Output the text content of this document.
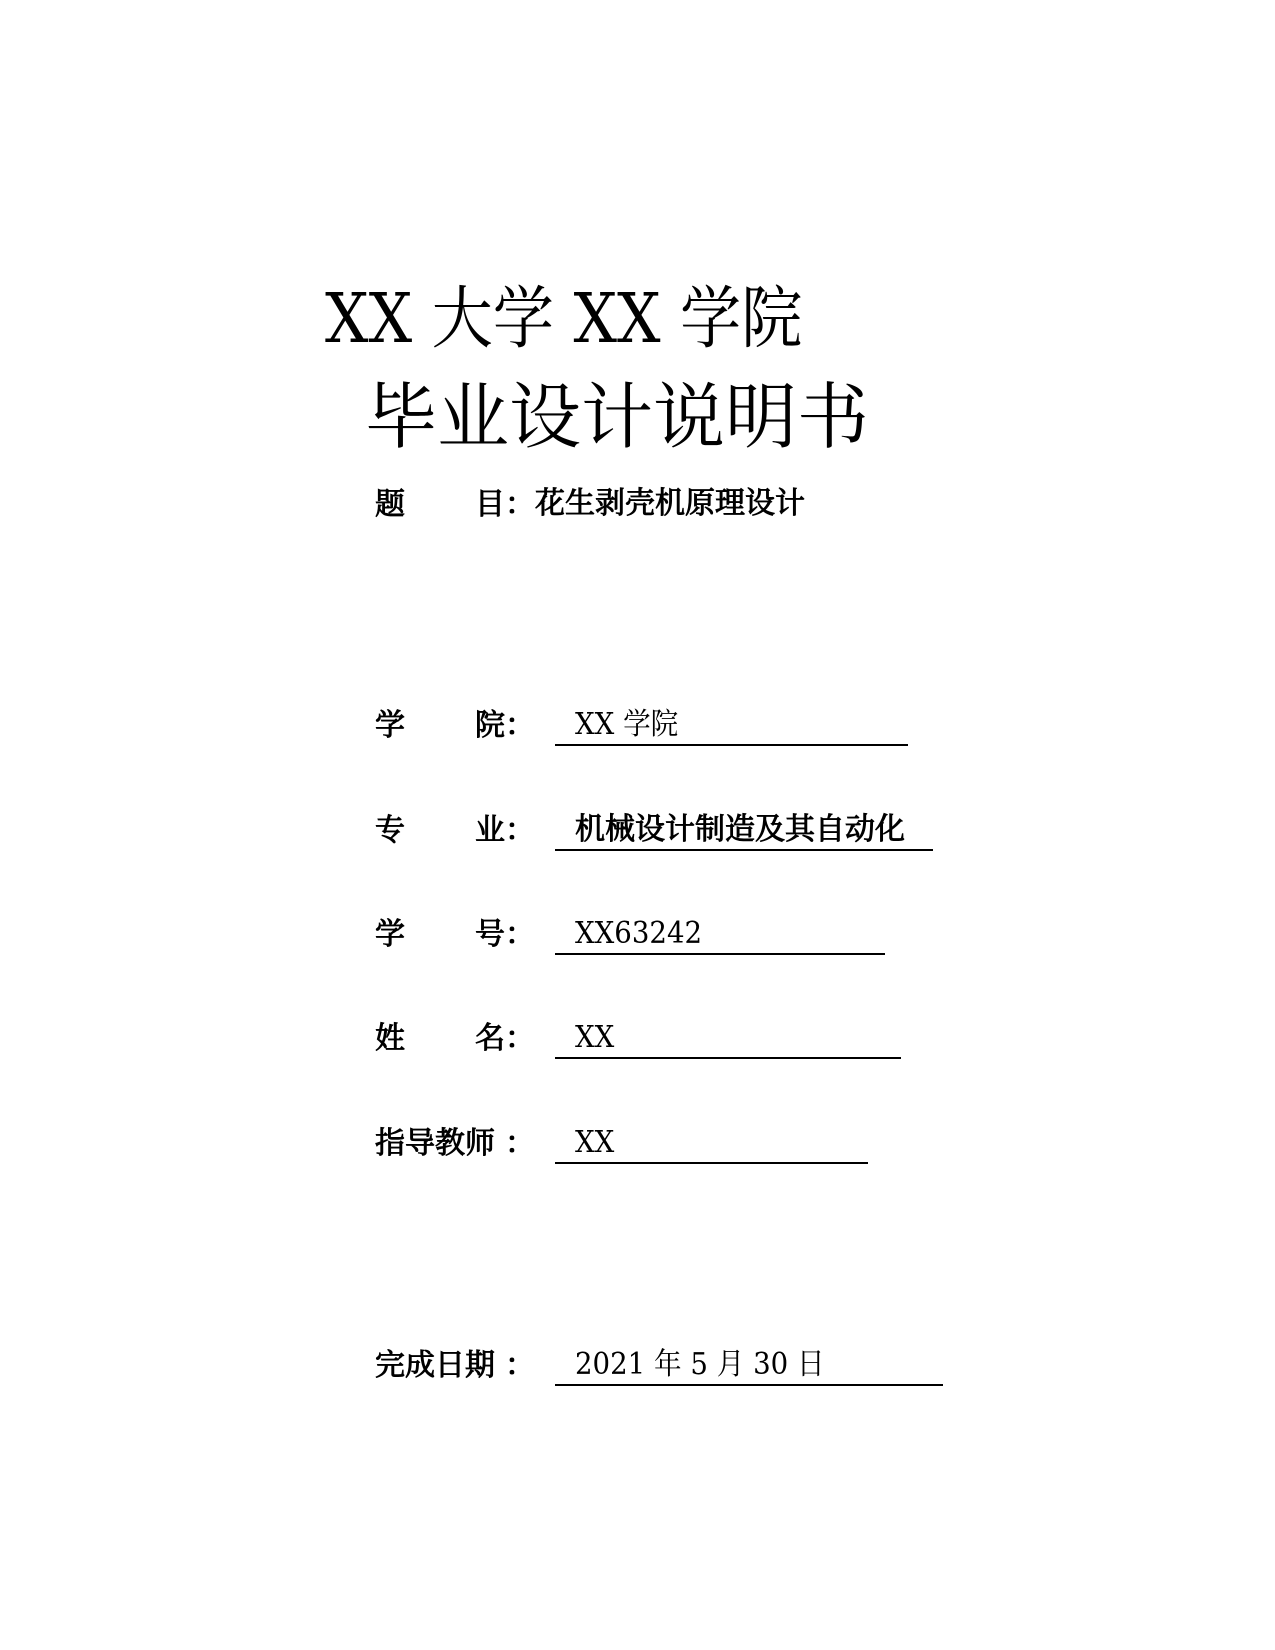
XX 大学 XX 学院
毕业设计说明书
题 目 ： 花生剥壳机原理设计
学 院 ：	XX 学院
专 业 ：	机械设计制造及其自动化
学 号 ：	XX63242
姓 名 ：	XX
指导教师 ：	XX
完成日期 ：	2021 年 5 月 30 日
